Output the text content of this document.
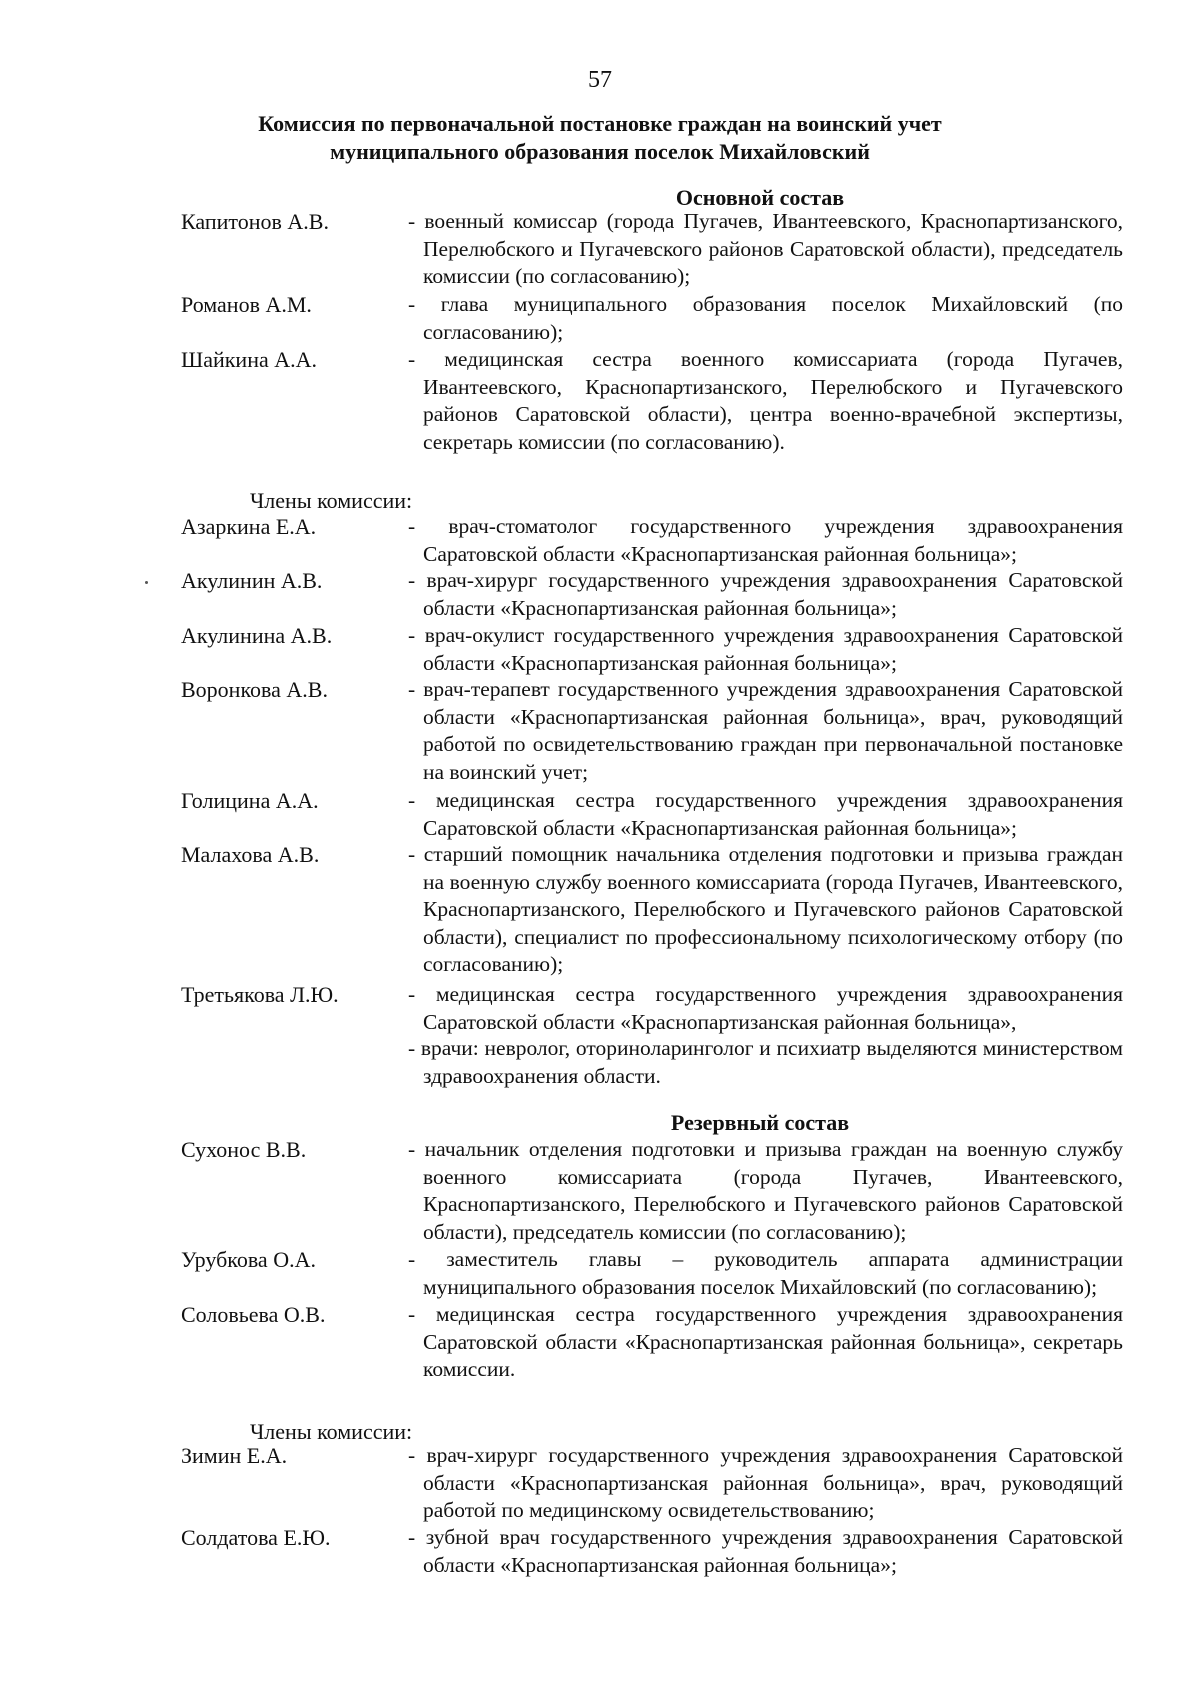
57
Комиссия по первоначальной постановке граждан на воинский учет
муниципального образования поселок Михайловский
Основной состав
Капитонов А.В.	- военный комиссар (города Пугачев, Ивантеевского, Краснопартизанского, Перелюбского и Пугачевского районов Саратовской области), председатель комиссии (по согласованию);
Романов А.М.	- глава муниципального образования поселок Михайловский (по согласованию);
Шайкина А.А.	- медицинская сестра военного комиссариата (города Пугачев, Ивантеевского, Краснопартизанского, Перелюбского и Пугачевского районов Саратовской области), центра военно-врачебной экспертизы, секретарь комиссии (по согласованию).
Члены комиссии:
Азаркина Е.А.	- врач-стоматолог государственного учреждения здравоохранения Саратовской области «Краснопартизанская районная больница»;
Акулинин А.В.	- врач-хирург государственного учреждения здравоохранения Саратовской области «Краснопартизанская районная больница»;
Акулинина А.В.	- врач-окулист государственного учреждения здравоохранения Саратовской области «Краснопартизанская районная больница»;
Воронкова А.В.	- врач-терапевт государственного учреждения здравоохранения Саратовской области «Краснопартизанская районная больница», врач, руководящий работой по освидетельствованию граждан при первоначальной постановке на воинский учет;
Голицина А.А.	- медицинская сестра государственного учреждения здравоохранения Саратовской области «Краснопартизанская районная больница»;
Малахова А.В.	- старший помощник начальника отделения подготовки и призыва граждан на военную службу военного комиссариата (города Пугачев, Ивантеевского, Краснопартизанского, Перелюбского и Пугачевского районов Саратовской области), специалист по профессиональному психологическому отбору (по согласованию);
Третьякова Л.Ю.	- медицинская сестра государственного учреждения здравоохранения Саратовской области «Краснопартизанская районная больница»,
- врачи: невролог, оториноларинголог и психиатр выделяются министерством здравоохранения области.
Резервный состав
Сухонос В.В.	- начальник отделения подготовки и призыва граждан на военную службу военного комиссариата (города Пугачев, Ивантеевского, Краснопартизанского, Перелюбского и Пугачевского районов Саратовской области), председатель комиссии (по согласованию);
Урубкова О.А.	- заместитель главы – руководитель аппарата администрации муниципального образования поселок Михайловский (по согласованию);
Соловьева О.В.	- медицинская сестра государственного учреждения здравоохранения Саратовской области «Краснопартизанская районная больница», секретарь комиссии.
Члены комиссии:
Зимин Е.А.	- врач-хирург государственного учреждения здравоохранения Саратовской области «Краснопартизанская районная больница», врач, руководящий работой по медицинскому освидетельствованию;
Солдатова Е.Ю.	- зубной врач государственного учреждения здравоохранения Саратовской области «Краснопартизанская районная больница»;
